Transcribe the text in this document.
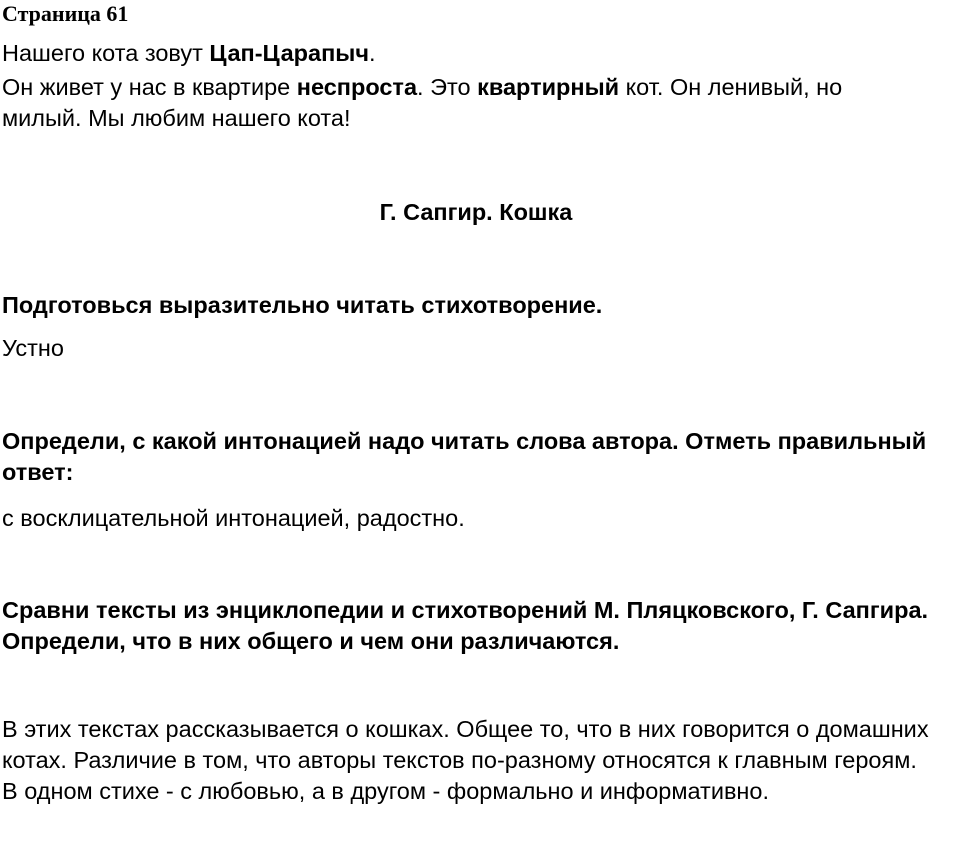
Страница 61

Нашего кота зовут Цап-Царапыч.

Он живет у нас в квартире неспроста. Это квартирный кот. Он ленивый, но милый. Мы любим нашего кота!

Г. Сапгир. Кошка

Подготовься выразительно читать стихотворение.

Устно

Определи, с какой интонацией надо читать слова автора. Отметь правильный ответ:

с восклицательной интонацией, радостно.

Сравни тексты из энциклопедии и стихотворений М. Пляцковского, Г. Сапгира. Определи, что в них общего и чем они различаются.

В этих текстах рассказывается о кошках. Общее то, что в них говорится о домашних котах. Различие в том, что авторы текстов по-разному относятся к главным героям. В одном стихе - с любовью, а в другом - формально и информативно.
